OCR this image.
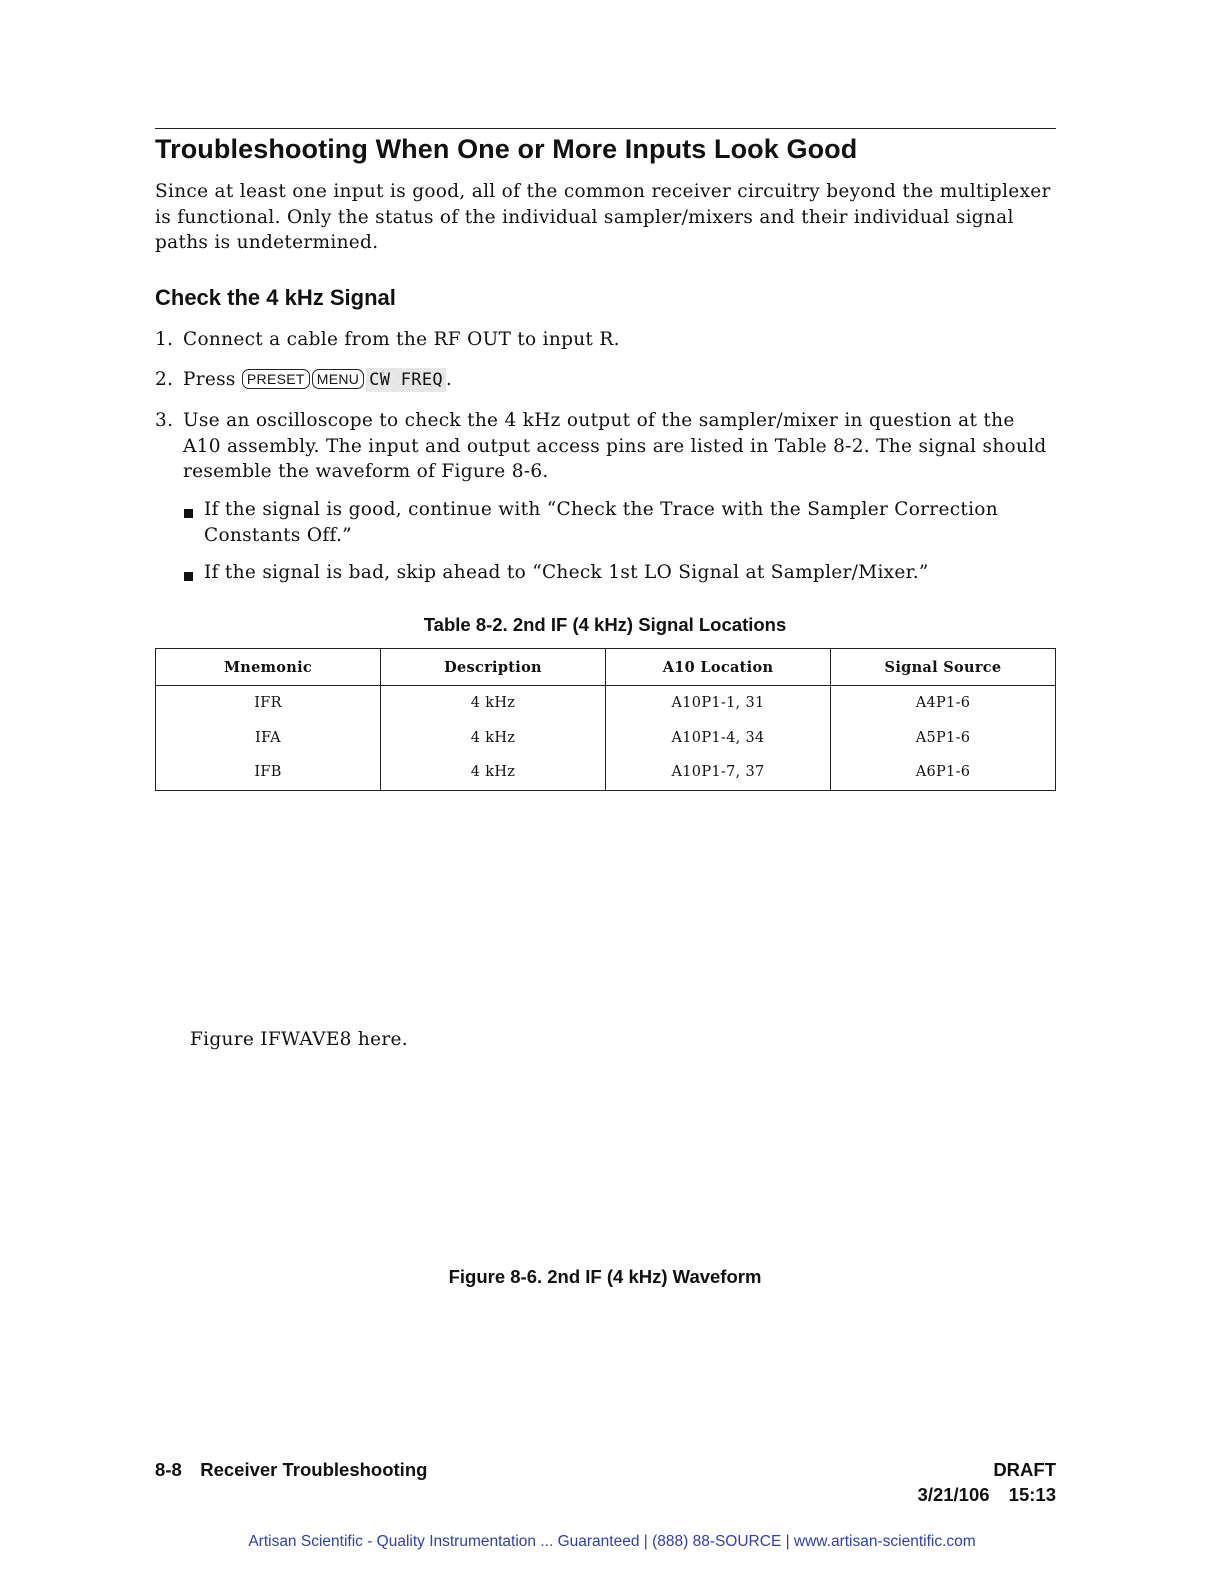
Troubleshooting When One or More Inputs Look Good

Since at least one input is good, all of the common receiver circuitry beyond the multiplexer is functional. Only the status of the individual sampler/mixers and their individual signal paths is undetermined.

Check the 4 kHz Signal
1. Connect a cable from the RF OUT to input R.
2. Press PRESET MENU CW FREQ .
3. Use an oscilloscope to check the 4 kHz output of the sampler/mixer in question at the A10 assembly. The input and output access pins are listed in Table 8-2. The signal should resemble the waveform of Figure 8-6.
If the signal is good, continue with “Check the Trace with the Sampler Correction Constants Off.”
If the signal is bad, skip ahead to “Check 1st LO Signal at Sampler/Mixer.”
Table 8-2. 2nd IF (4 kHz) Signal Locations
Mnemonic	Description	A10 Location	Signal Source
IFR	4 kHz	A10P1-1, 31	A4P1-6
IFA	4 kHz	A10P1-4, 34	A5P1-6
IFB	4 kHz	A10P1-7, 37	A6P1-6
Figure IFWAVE8 here.
Figure 8-6. 2nd IF (4 kHz) Waveform
8-8 Receiver Troubleshooting	DRAFT
3/21/106 15:13
Artisan Scientific - Quality Instrumentation ... Guaranteed | (888) 88-SOURCE | www.artisan-scientific.com
